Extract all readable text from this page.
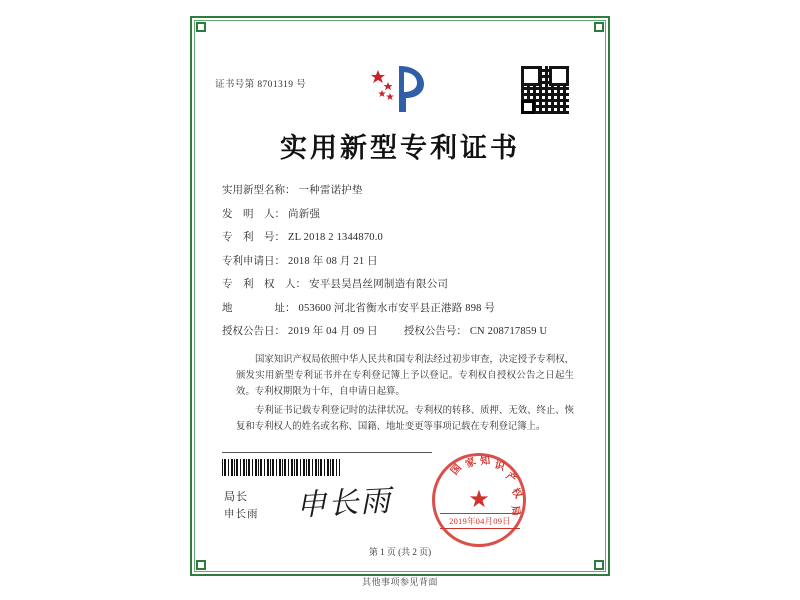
证书号第 8701319 号
实用新型专利证书
实用新型名称： 一种雷诺护垫
发　明　人： 尚新强
专　利　号： ZL 2018 2 1344870.0
专利申请日： 2018 年 08 月 21 日
专　利　权　人： 安平县昊昌丝网制造有限公司
地　　　　址： 053600 河北省衡水市安平县正港路 898 号
授权公告日： 2019 年 04 月 09 日 授权公告号： CN 208717859 U

国家知识产权局依照中华人民共和国专利法经过初步审查，决定授予专利权，颁发实用新型专利证书并在专利登记簿上予以登记。专利权自授权公告之日起生效。专利权期限为十年，自申请日起算。

专利证书记载专利登记时的法律状况。专利权的转移、质押、无效、终止、恢复和专利权人的姓名或名称、国籍、地址变更等事项记载在专利登记簿上。

局长
申长雨 申长雨
国 家 知 识
产
权
局
★
2019年04月09日
第 1 页 (共 2 页)
其他事项参见背面
